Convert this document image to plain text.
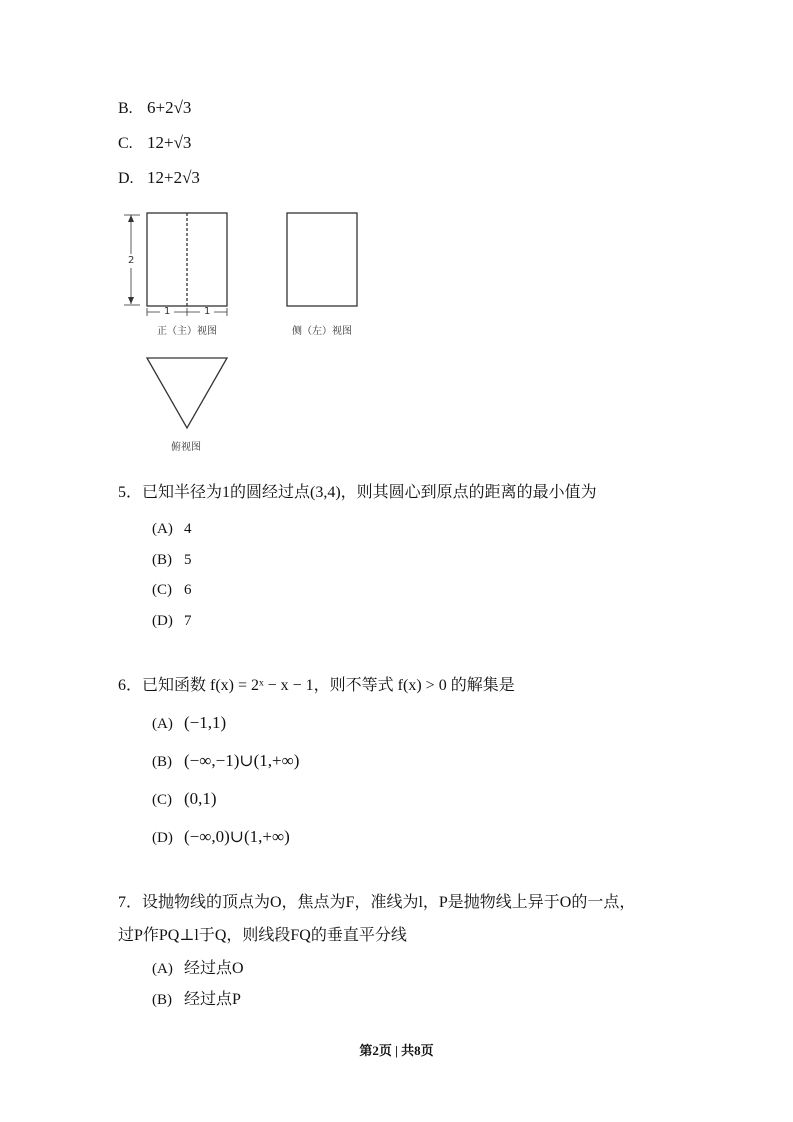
B. 6+2√3
C. 12+√3
D. 12+2√3
2
1	1
正（主）视图	侧（左）视图
俯视图
5．已知半径为1的圆经过点(3,4)，则其圆心到原点的距离的最小值为
(A) 4
(B) 5
(C) 6
(D) 7
6．已知函数 f(x) = 2ˣ − x − 1，则不等式 f(x) > 0 的解集是
(A) (−1,1)
(B) (−∞,−1)∪(1,+∞)
(C) (0,1)
(D) (−∞,0)∪(1,+∞)
7．设抛物线的顶点为O，焦点为F，准线为l，P是抛物线上异于O的一点，
过P作PQ⊥l于Q，则线段FQ的垂直平分线
(A) 经过点O
(B) 经过点P
第2页 | 共8页
